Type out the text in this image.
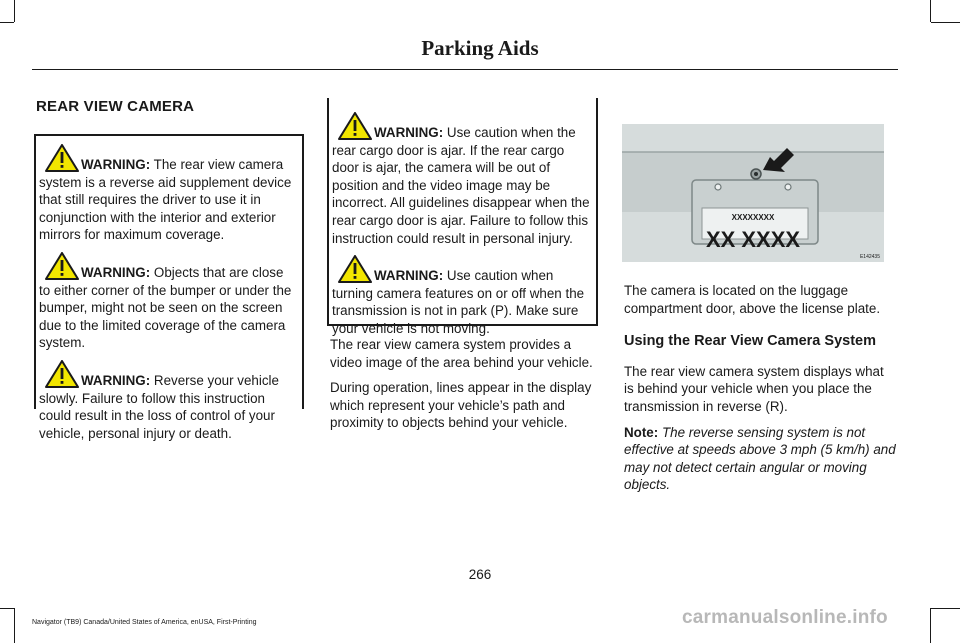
Parking Aids
REAR VIEW CAMERA

WARNING: The rear view camera system is a reverse aid supplement device that still requires the driver to use it in conjunction with the interior and exterior mirrors for maximum coverage.

WARNING: Objects that are close to either corner of the bumper or under the bumper, might not be seen on the screen due to the limited coverage of the camera system.

WARNING: Reverse your vehicle slowly. Failure to follow this instruction could result in the loss of control of your vehicle, personal injury or death.

WARNING: Use caution when the rear cargo door is ajar. If the rear cargo door is ajar, the camera will be out of position and the video image may be incorrect. All guidelines disappear when the rear cargo door is ajar. Failure to follow this instruction could result in personal injury.

WARNING: Use caution when turning camera features on or off when the transmission is not in park (P). Make sure your vehicle is not moving.

The rear view camera system provides a video image of the area behind your vehicle.

During operation, lines appear in the display which represent your vehicle’s path and proximity to objects behind your vehicle.

XXXXXXXX
XX XXXX
E142435

The camera is located on the luggage compartment door, above the license plate.

Using the Rear View Camera System

The rear view camera system displays what is behind your vehicle when you place the transmission in reverse (R).

Note: The reverse sensing system is not effective at speeds above 3 mph (5 km/h) and may not detect certain angular or moving objects.

266
Navigator (TB9) Canada/United States of America, enUSA, First-Printing	carmanualsonline.info
